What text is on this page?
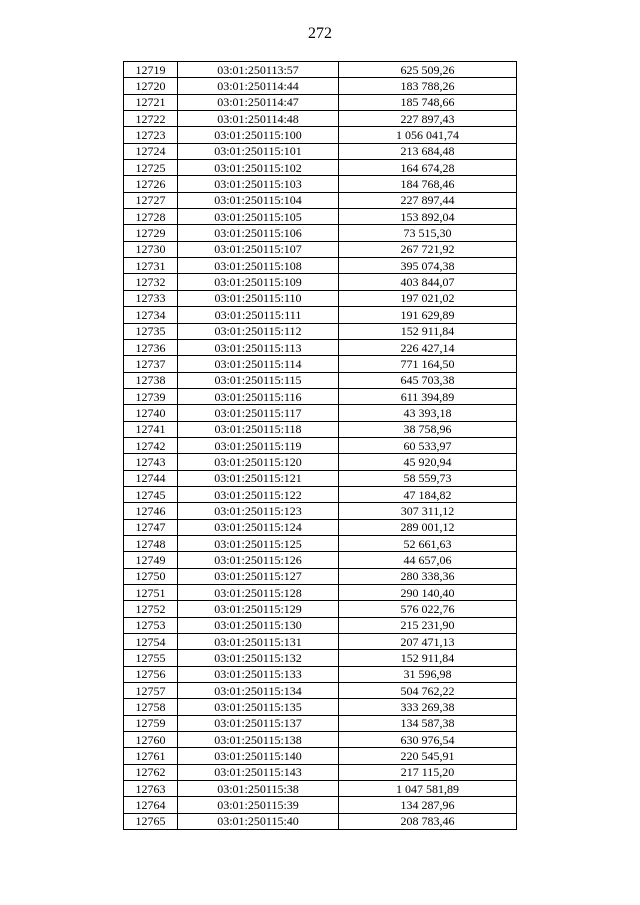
272
12719	03:01:250113:57	625 509,26
12720	03:01:250114:44	183 788,26
12721	03:01:250114:47	185 748,66
12722	03:01:250114:48	227 897,43
12723	03:01:250115:100	1 056 041,74
12724	03:01:250115:101	213 684,48
12725	03:01:250115:102	164 674,28
12726	03:01:250115:103	184 768,46
12727	03:01:250115:104	227 897,44
12728	03:01:250115:105	153 892,04
12729	03:01:250115:106	73 515,30
12730	03:01:250115:107	267 721,92
12731	03:01:250115:108	395 074,38
12732	03:01:250115:109	403 844,07
12733	03:01:250115:110	197 021,02
12734	03:01:250115:111	191 629,89
12735	03:01:250115:112	152 911,84
12736	03:01:250115:113	226 427,14
12737	03:01:250115:114	771 164,50
12738	03:01:250115:115	645 703,38
12739	03:01:250115:116	611 394,89
12740	03:01:250115:117	43 393,18
12741	03:01:250115:118	38 758,96
12742	03:01:250115:119	60 533,97
12743	03:01:250115:120	45 920,94
12744	03:01:250115:121	58 559,73
12745	03:01:250115:122	47 184,82
12746	03:01:250115:123	307 311,12
12747	03:01:250115:124	289 001,12
12748	03:01:250115:125	52 661,63
12749	03:01:250115:126	44 657,06
12750	03:01:250115:127	280 338,36
12751	03:01:250115:128	290 140,40
12752	03:01:250115:129	576 022,76
12753	03:01:250115:130	215 231,90
12754	03:01:250115:131	207 471,13
12755	03:01:250115:132	152 911,84
12756	03:01:250115:133	31 596,98
12757	03:01:250115:134	504 762,22
12758	03:01:250115:135	333 269,38
12759	03:01:250115:137	134 587,38
12760	03:01:250115:138	630 976,54
12761	03:01:250115:140	220 545,91
12762	03:01:250115:143	217 115,20
12763	03:01:250115:38	1 047 581,89
12764	03:01:250115:39	134 287,96
12765	03:01:250115:40	208 783,46
